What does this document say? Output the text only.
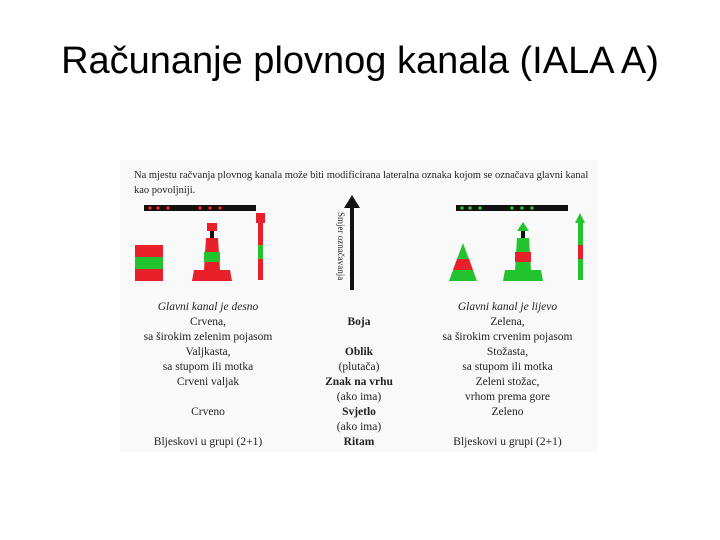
Računanje plovnog kanala (IALA A)
Na mjestu račvanja plovnog kanala može biti modificirana lateralna oznaka kojom se označava glavni kanal kao povoljniji.
Smjer označavanja
Glavni kanal je desno
Crvena,
sa širokim zelenim pojasom
Valjkasta,
sa stupom ili motka
Crveni valjak

Crveno

Bljeskovi u grupi (2+1)

Boja

Oblik
(plutača)
Znak na vrhu
(ako ima)
Svjetlo
(ako ima)
Ritam
Glavni kanal je lijevo
Zelena,
sa širokim crvenim pojasom
Stožasta,
sa stupom ili motka
Zeleni stožac,
vrhom prema gore
Zeleno

Bljeskovi u grupi (2+1)
